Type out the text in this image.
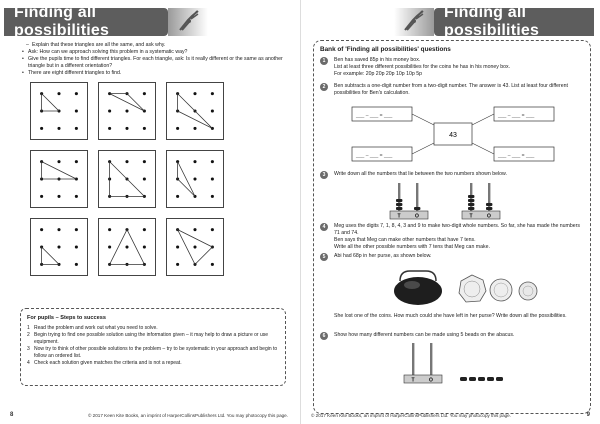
Finding all possibilities
– Explain that these triangles are all the same, and ask why.
• Ask: How can we approach solving this problem in a systematic way?
• Give the pupils time to find different triangles. For each triangle, ask: Is it really different or the same as another triangle but in a different orientation?
• There are eight different triangles to find.
For pupils – Steps to success
1 Read the problem and work out what you need to solve.
2 Begin trying to find one possible solution using the information given – it may help to draw a picture or use equipment.
3 Now try to think of other possible solutions to the problem – try to be systematic in your approach and begin to follow an ordered list.
4 Check each solution given matches the criteria and is not a repeat.
8	© 2017 Keen Kite Books, an imprint of HarperCollinsPublishers Ltd. You may photocopy this page.
Finding all possibilities
Bank of 'Finding all possibilities' questions
1	Ben has saved 85p in his money box.

List at least three different possibilities for the coins he has in his money box.

For example: 20p 20p 20p 10p 10p 5p

2	Ben subtracts a one-digit number from a two-digit number. The answer is 43. List at least four different possibilities for Ben's calculation.

43
___ – ___ = ___
___ – ___ = ___
___ – ___ = ___
___ – ___ = ___
3	Write down all the numbers that lie between the two numbers shown below.

T	O	T	O
4	Meg uses the digits 7, 1, 8, 4, 3 and 9 to make two-digit whole numbers. So far, she has made the numbers 71 and 74.

Ben says that Meg can make other numbers that have 7 tens.

Write all the other possible numbers with 7 tens that Meg can make.

5	Abi had 68p in her purse, as shown below.

She lost one of the coins. How much could she have left in her purse? Write down all the possibilities.

6	Show how many different numbers can be made using 5 beads on the abacus.

T	O
© 2017 Keen Kite Books, an imprint of HarperCollinsPublishers Ltd. You may photocopy this page.	9
